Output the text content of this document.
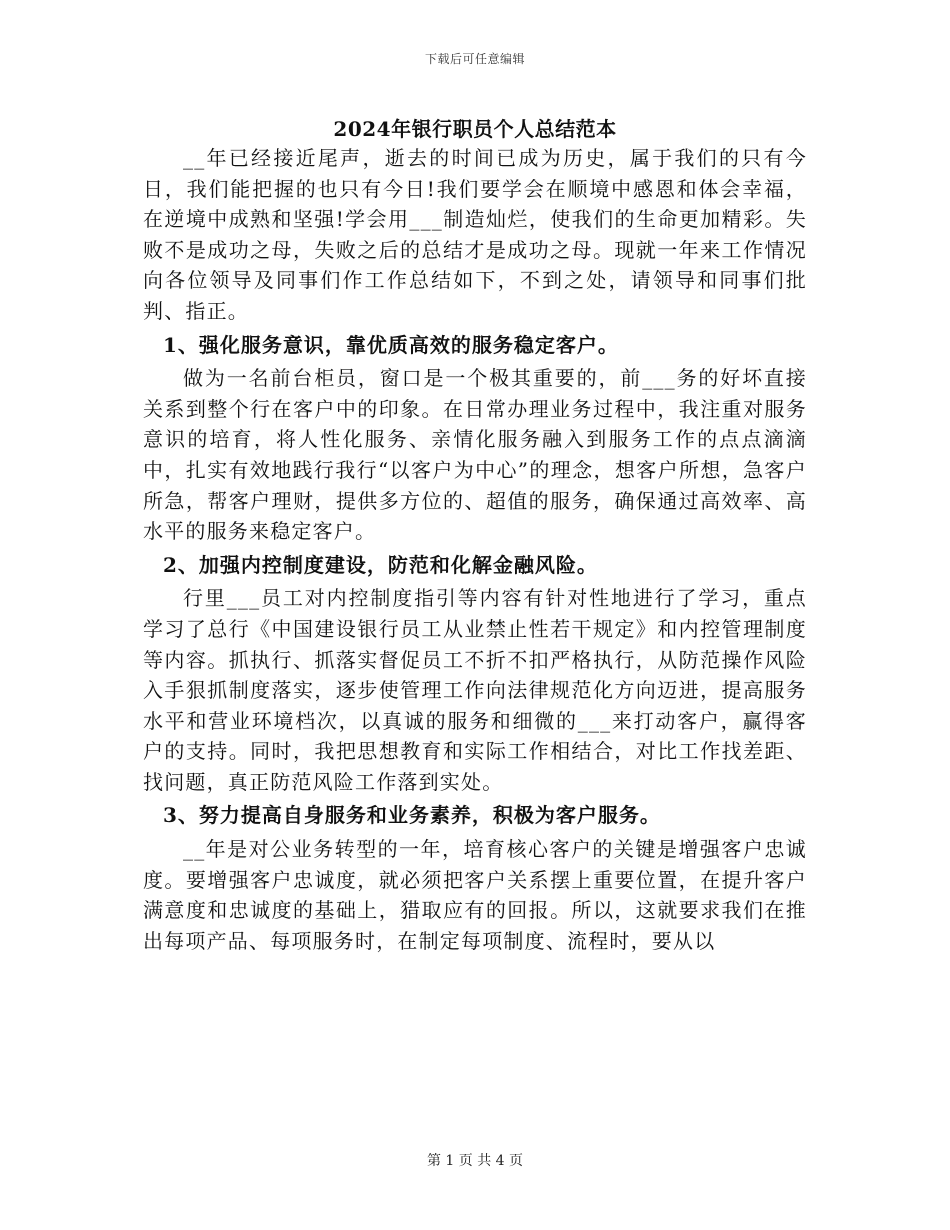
下载后可任意编辑
2024年银行职员个人总结范本

__年已经接近尾声，逝去的时间已成为历史，属于我们的只有今日，我们能把握的也只有今日!我们要学会在顺境中感恩和体会幸福，在逆境中成熟和坚强!学会用___制造灿烂，使我们的生命更加精彩。失败不是成功之母，失败之后的总结才是成功之母。现就一年来工作情况向各位领导及同事们作工作总结如下，不到之处，请领导和同事们批判、指正。

1、强化服务意识，靠优质高效的服务稳定客户。

做为一名前台柜员，窗口是一个极其重要的，前___务的好坏直接关系到整个行在客户中的印象。在日常办理业务过程中，我注重对服务意识的培育，将人性化服务、亲情化服务融入到服务工作的点点滴滴中，扎实有效地践行我行“以客户为中心”的理念，想客户所想，急客户所急，帮客户理财，提供多方位的、超值的服务，确保通过高效率、高水平的服务来稳定客户。

2、加强内控制度建设，防范和化解金融风险。

行里___员工对内控制度指引等内容有针对性地进行了学习，重点学习了总行《中国建设银行员工从业禁止性若干规定》和内控管理制度等内容。抓执行、抓落实督促员工不折不扣严格执行，从防范操作风险入手狠抓制度落实，逐步使管理工作向法律规范化方向迈进，提高服务水平和营业环境档次，以真诚的服务和细微的___来打动客户，赢得客户的支持。同时，我把思想教育和实际工作相结合，对比工作找差距、找问题，真正防范风险工作落到实处。

3、努力提高自身服务和业务素养，积极为客户服务。

__年是对公业务转型的一年，培育核心客户的关键是增强客户忠诚度。要增强客户忠诚度，就必须把客户关系摆上重要位置，在提升客户满意度和忠诚度的基础上，猎取应有的回报。所以，这就要求我们在推出每项产品、每项服务时，在制定每项制度、流程时，要从以

第 1 页 共 4 页
